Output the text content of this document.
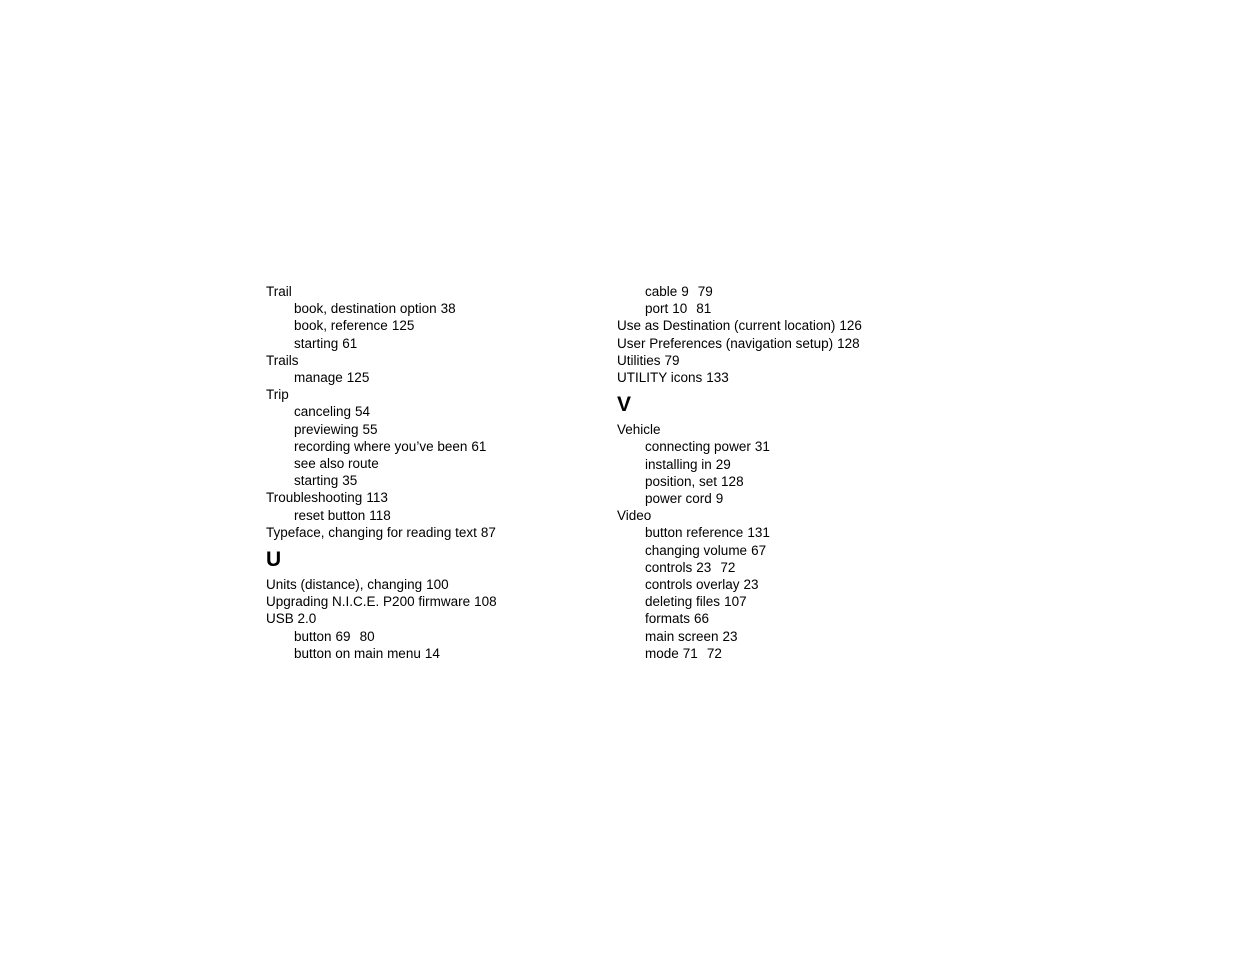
Trail
book, destination option 38
book, reference 125
starting 61
Trails
manage 125
Trip
canceling 54
previewing 55
recording where you’ve been 61
see also route
starting 35
Troubleshooting 113
reset button 118
Typeface, changing for reading text 87
U
Units (distance), changing 100
Upgrading N.I.C.E. P200 firmware 108
USB 2.0
button 69 80
button on main menu 14
cable 9 79
port 10 81
Use as Destination (current location) 126
User Preferences (navigation setup) 128
Utilities 79
UTILITY icons 133
V
Vehicle
connecting power 31
installing in 29
position, set 128
power cord 9
Video
button reference 131
changing volume 67
controls 23 72
controls overlay 23
deleting files 107
formats 66
main screen 23
mode 71 72
